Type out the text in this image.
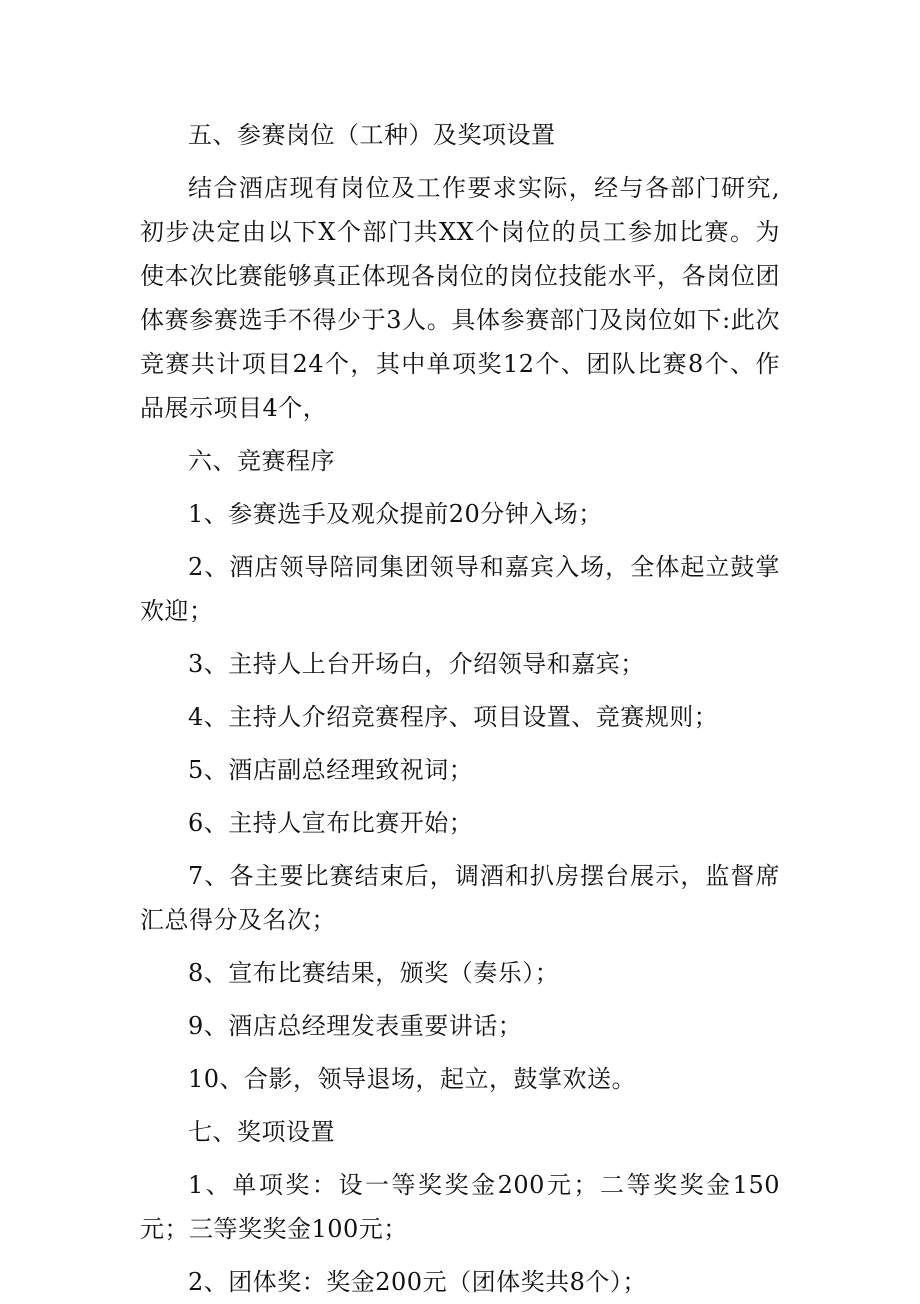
五、参赛岗位（工种）及奖项设置

结合酒店现有岗位及工作要求实际，经与各部门研究,初步决定由以下X个部门共XX个岗位的员工参加比赛。为使本次比赛能够真正体现各岗位的岗位技能水平，各岗位团体赛参赛选手不得少于3人。具体参赛部门及岗位如下:此次竞赛共计项目24个，其中单项奖12个、团队比赛8个、作品展示项目4个，

六、竞赛程序

1、参赛选手及观众提前20分钟入场；

2、酒店领导陪同集团领导和嘉宾入场，全体起立鼓掌欢迎；

3、主持人上台开场白，介绍领导和嘉宾；

4、主持人介绍竞赛程序、项目设置、竞赛规则；

5、酒店副总经理致祝词；

6、主持人宣布比赛开始；

7、各主要比赛结束后，调酒和扒房摆台展示，监督席汇总得分及名次；

8、宣布比赛结果，颁奖（奏乐）；

9、酒店总经理发表重要讲话；

10、合影，领导退场，起立，鼓掌欢送。

七、奖项设置

1、单项奖：设一等奖奖金200元；二等奖奖金150元；三等奖奖金100元；

2、团体奖：奖金200元（团体奖共8个）；
